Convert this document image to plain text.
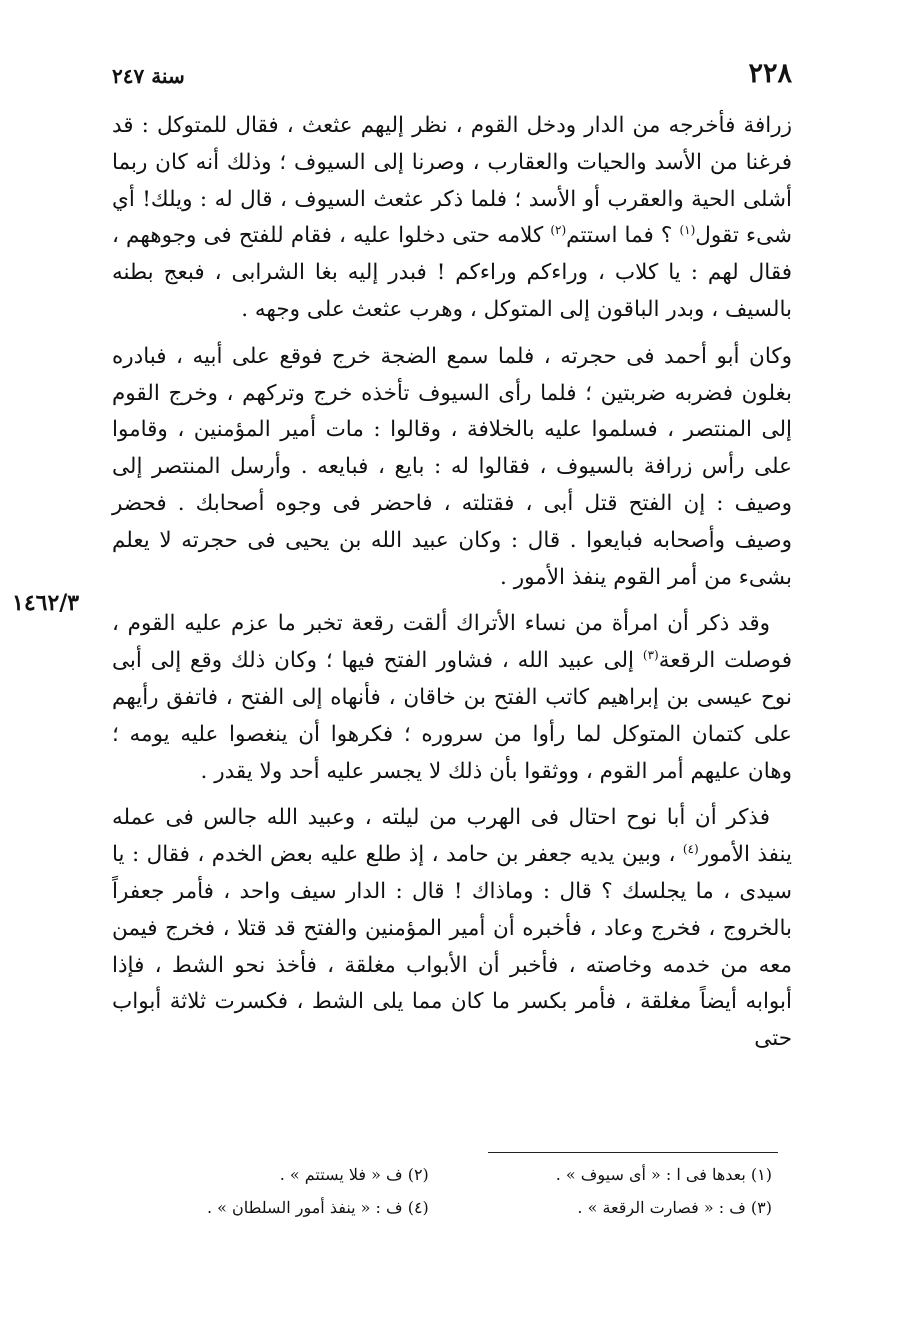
٢٢٨
سنة ٢٤٧

زرافة فأخرجه من الدار ودخل القوم ، نظر إليهم عثعث ، فقال للمتوكل : قد فرغنا من الأسد والحيات والعقارب ، وصرنا إلى السيوف ؛ وذلك أنه كان ربما أشلى الحية والعقرب أو الأسد ؛ فلما ذكر عثعث السيوف ، قال له : ويلك! أي شىء تقول$^{(١)}$ ؟ فما استتم$^{(٢)}$ كلامه حتى دخلوا عليه ، فقام للفتح فى وجوههم ، فقال لهم : يا كلاب ، وراءكم وراءكم ! فبدر إليه بغا الشرابى ، فبعج بطنه بالسيف ، وبدر الباقون إلى المتوكل ، وهرب عثعث على وجهه .

وكان أبو أحمد فى حجرته ، فلما سمع الضجة خرج فوقع على أبيه ، فبادره بغلون فضربه ضربتين ؛ فلما رأى السيوف تأخذه خرج وتركهم ، وخرج القوم إلى المنتصر ، فسلموا عليه بالخلافة ، وقالوا : مات أمير المؤمنين ، وقاموا على رأس زرافة بالسيوف ، فقالوا له : بايع ، فبايعه . وأرسل المنتصر إلى وصيف : إن الفتح قتل أبى ، فقتلته ، فاحضر فى وجوه أصحابك . فحضر وصيف وأصحابه فبايعوا . قال : وكان عبيد الله بن يحيى فى حجرته لا يعلم بشىء من أمر القوم ينفذ الأمور .

وقد ذكر أن امرأة من نساء الأتراك ألقت رقعة تخبر ما عزم عليه القوم ، فوصلت الرقعة$^{(٣)}$ إلى عبيد الله ، فشاور الفتح فيها ؛ وكان ذلك وقع إلى أبى نوح عيسى بن إبراهيم كاتب الفتح بن خاقان ، فأنهاه إلى الفتح ، فاتفق رأيهم على كتمان المتوكل لما رأوا من سروره ؛ فكرهوا أن ينغصوا عليه يومه ؛ وهان عليهم أمر القوم ، ووثقوا بأن ذلك لا يجسر عليه أحد ولا يقدر .

فذكر أن أبا نوح احتال فى الهرب من ليلته ، وعبيد الله جالس فى عمله ينفذ الأمور$^{(٤)}$ ، وبين يديه جعفر بن حامد ، إذ طلع عليه بعض الخدم ، فقال : يا سيدى ، ما يجلسك ؟ قال : وماذاك ! قال : الدار سيف واحد ، فأمر جعفراً بالخروج ، فخرج وعاد ، فأخبره أن أمير المؤمنين والفتح قد قتلا ، فخرج فيمن معه من خدمه وخاصته ، فأخبر أن الأبواب مغلقة ، فأخذ نحو الشط ، فإذا أبوابه أيضاً مغلقة ، فأمر بكسر ما كان مما يلى الشط ، فكسرت ثلاثة أبواب حتى

١٤٦٢/٣
(١) بعدها فى ا : « أى سيوف » .
(٢) ف « فلا يستتم » .
(٣) ف : « فصارت الرقعة » .
(٤) ف : « ينفذ أمور السلطان » .
